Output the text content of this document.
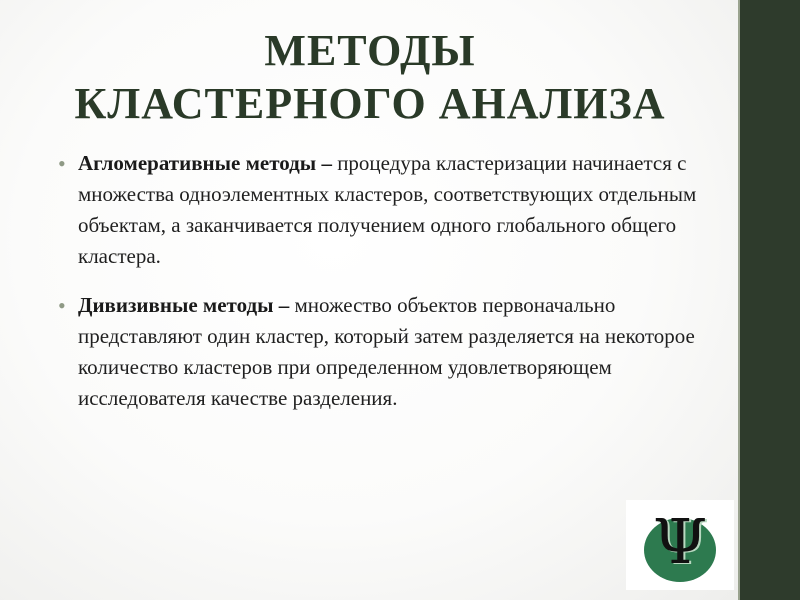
МЕТОДЫ
КЛАСТЕРНОГО АНАЛИЗА
• Агломеративные методы – процедура кластеризации начинается с множества одноэлементных кластеров, соответствующих отдельным объектам, а заканчивается получением одного глобального общего кластера.
• Дивизивные методы – множество объектов первоначально представляют один кластер, который затем разделяется на некоторое количество кластеров при определенном удовлетворяющем исследователя качестве разделения.
Ψ
